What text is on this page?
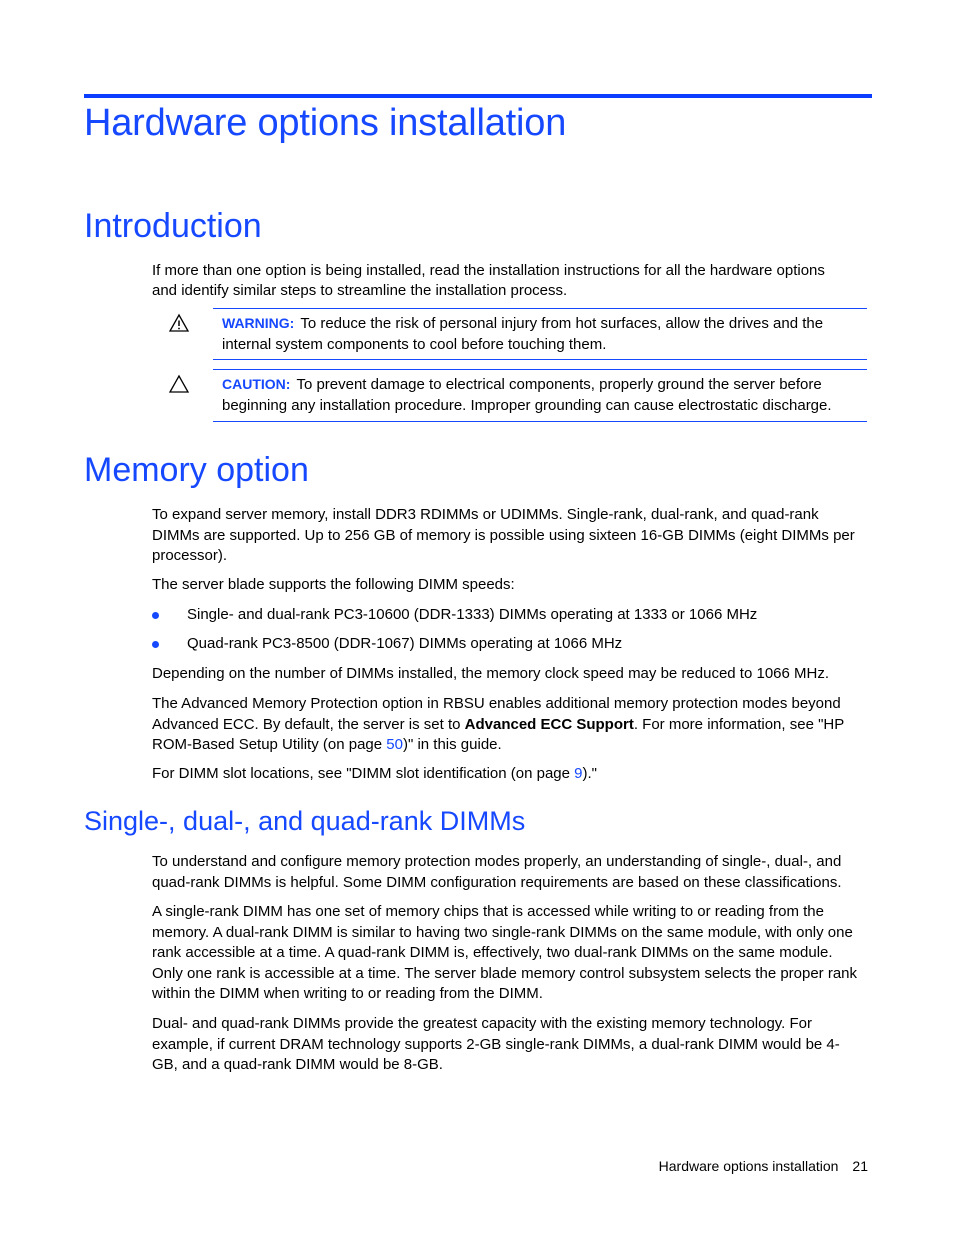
Hardware options installation
Introduction

If more than one option is being installed, read the installation instructions for all the hardware options

and identify similar steps to streamline the installation process.

WARNING: To reduce the risk of personal injury from hot surfaces, allow the drives and the internal system components to cool before touching them.

CAUTION: To prevent damage to electrical components, properly ground the server before beginning any installation procedure. Improper grounding can cause electrostatic discharge.

Memory option

To expand server memory, install DDR3 RDIMMs or UDIMMs. Single-rank, dual-rank, and quad-rank DIMMs are supported. Up to 256 GB of memory is possible using sixteen 16-GB DIMMs (eight DIMMs per processor).

The server blade supports the following DIMM speeds:

Single- and dual-rank PC3-10600 (DDR-1333) DIMMs operating at 1333 or 1066 MHz
Quad-rank PC3-8500 (DDR-1067) DIMMs operating at 1066 MHz

Depending on the number of DIMMs installed, the memory clock speed may be reduced to 1066 MHz.

The Advanced Memory Protection option in RBSU enables additional memory protection modes beyond Advanced ECC. By default, the server is set to Advanced ECC Support. For more information, see "HP ROM-Based Setup Utility (on page 50)" in this guide.

For DIMM slot locations, see "DIMM slot identification (on page 9)."

Single-, dual-, and quad-rank DIMMs

To understand and configure memory protection modes properly, an understanding of single-, dual-, and quad-rank DIMMs is helpful. Some DIMM configuration requirements are based on these classifications.

A single-rank DIMM has one set of memory chips that is accessed while writing to or reading from the memory. A dual-rank DIMM is similar to having two single-rank DIMMs on the same module, with only one rank accessible at a time. A quad-rank DIMM is, effectively, two dual-rank DIMMs on the same module. Only one rank is accessible at a time. The server blade memory control subsystem selects the proper rank within the DIMM when writing to or reading from the DIMM.

Dual- and quad-rank DIMMs provide the greatest capacity with the existing memory technology. For example, if current DRAM technology supports 2-GB single-rank DIMMs, a dual-rank DIMM would be 4-GB, and a quad-rank DIMM would be 8-GB.

Hardware options installation 21
